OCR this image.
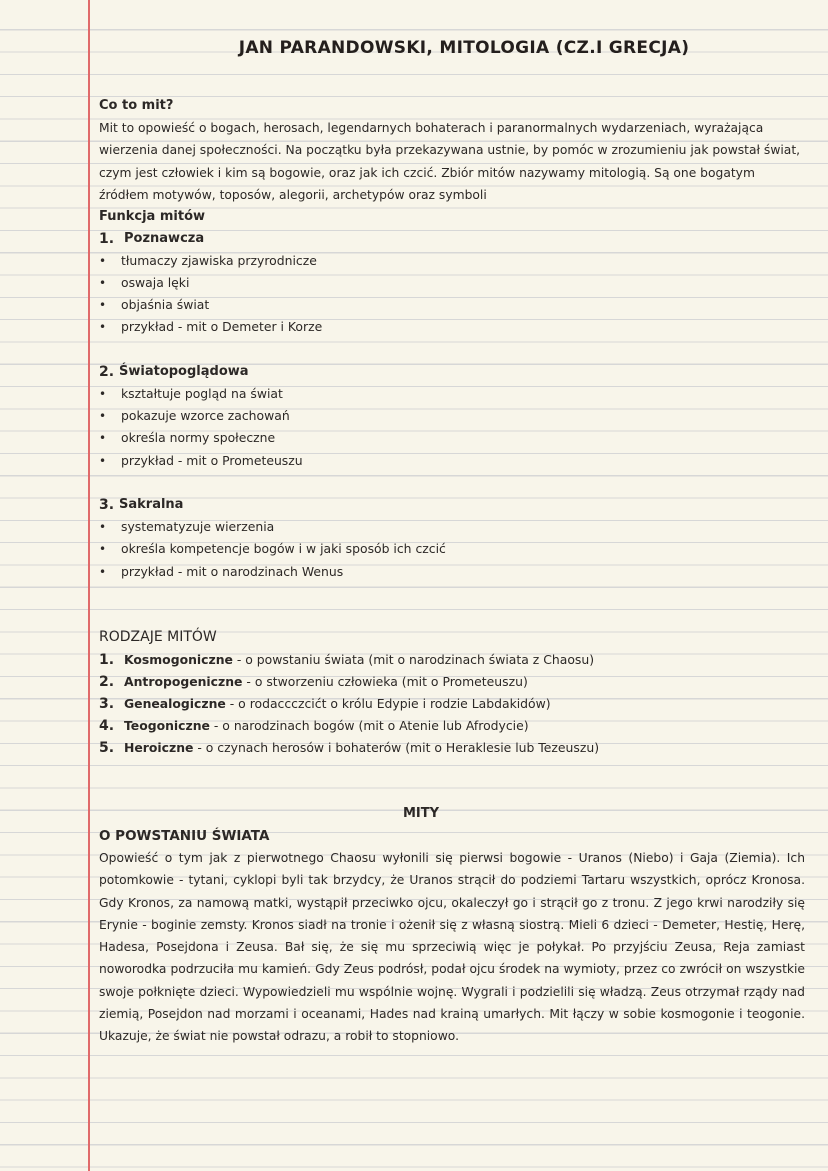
JAN PARANDOWSKI, MITOLOGIA (CZ.I GRECJA)
Co to mit?
Mit to opowieść o bogach, herosach, legendarnych bohaterach i paranormalnych wydarzeniach, wyrażająca wierzenia danej społeczności. Na początku była przekazywana ustnie, by pomóc w zrozumieniu jak powstał świat, czym jest człowiek i kim są bogowie, oraz jak ich czcić. Zbiór mitów nazywamy mitologią. Są one bogatym źródłem motywów, toposów, alegorii, archetypów oraz symboli
Funkcja mitów
1. Poznawcza
• tłumaczy zjawiska przyrodnicze
• oswaja lęki
• objaśnia świat
• przykład - mit o Demeter i Korze
2. Światopoglądowa
• kształtuje pogląd na świat
• pokazuje wzorce zachowań
• określa normy społeczne
• przykład - mit o Prometeuszu
3. Sakralna
• systematyzuje wierzenia
• określa kompetencje bogów i w jaki sposób ich czcić
• przykład - mit o narodzinach Wenus
RODZAJE MITÓW
1. Kosmogoniczne - o powstaniu świata (mit o narodzinach świata z Chaosu)
2. Antropogeniczne - o stworzeniu człowieka (mit o Prometeuszu)
3. Genealogiczne - o rodaccczcićt o królu Edypie i rodzie Labdakidów)
4. Teogoniczne - o narodzinach bogów (mit o Atenie lub Afrodycie)
5. Heroiczne - o czynach herosów i bohaterów (mit o Heraklesie lub Tezeuszu)
MITY
O POWSTANIU ŚWIATA
Opowieść o tym jak z pierwotnego Chaosu wyłonili się pierwsi bogowie - Uranos (Niebo) i Gaja (Ziemia). Ich potomkowie - tytani, cyklopi byli tak brzydcy, że Uranos strącił do podziemi Tartaru wszystkich, oprócz Kronosa. Gdy Kronos, za namową matki, wystąpił przeciwko ojcu, okaleczył go i strącił go z tronu. Z jego krwi narodziły się Erynie - boginie zemsty. Kronos siadł na tronie i ożenił się z własną siostrą. Mieli 6 dzieci - Demeter, Hestię, Herę, Hadesa, Posejdona i Zeusa. Bał się, że się mu sprzeciwią więc je połykał. Po przyjściu Zeusa, Reja zamiast noworodka podrzuciła mu kamień. Gdy Zeus podrósł, podał ojcu środek na wymioty, przez co zwrócił on wszystkie swoje połknięte dzieci. Wypowiedzieli mu wspólnie wojnę. Wygrali i podzielili się władzą. Zeus otrzymał rządy nad ziemią, Posejdon nad morzami i oceanami, Hades nad krainą umarłych. Mit łączy w sobie kosmogonie i teogonie. Ukazuje, że świat nie powstał odrazu, a robił to stopniowo.
